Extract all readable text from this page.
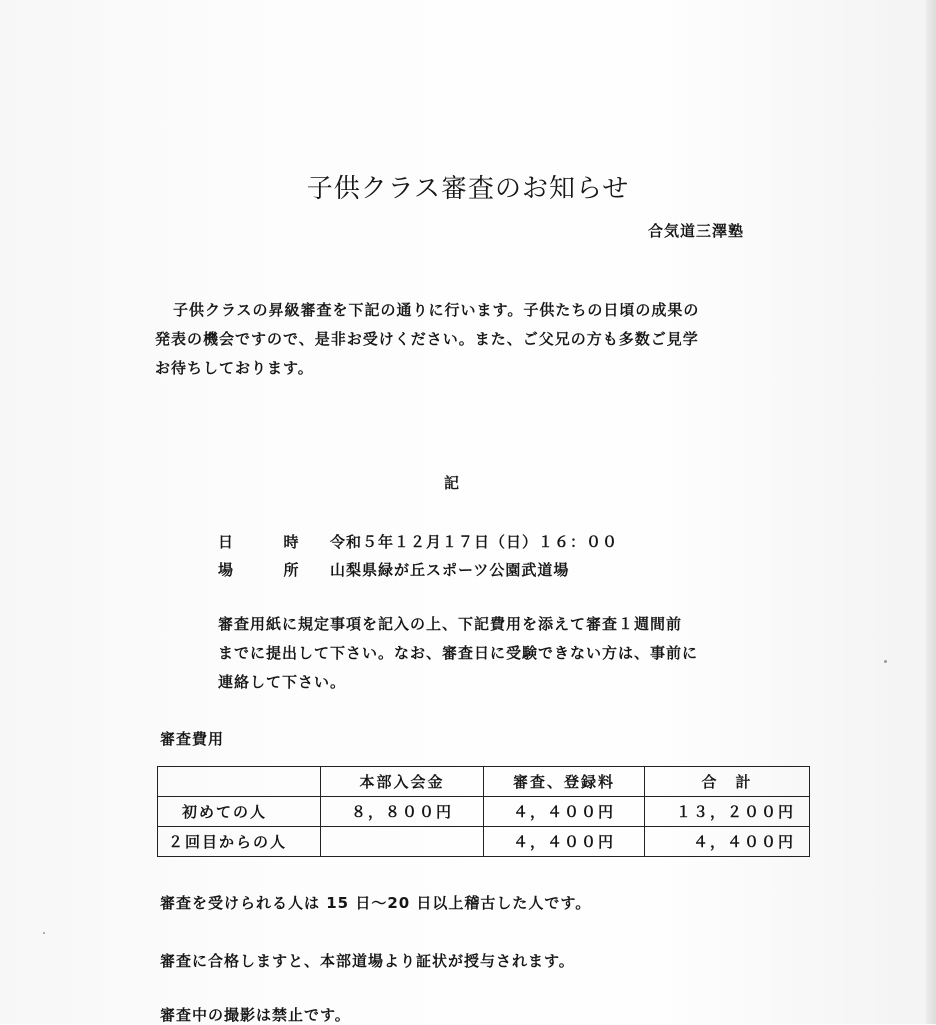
子供クラス審査のお知らせ
合気道三澤塾
子供クラスの昇級審査を下記の通りに行います。子供たちの日頃の成果の
発表の機会ですので、是非お受けください。また、ご父兄の方も多数ご見学
お待ちしております。
記
日	時	令和５年１２月１７日（日）１６：００
場	所	山梨県緑が丘スポーツ公園武道場
審査用紙に規定事項を記入の上、下記費用を添えて審査１週間前
までに提出して下さい。なお、審査日に受験できない方は、事前に
連絡して下さい。
審査費用
	本部入会金	審査、登録料	合　計
初めての人	８，８００円	４，４００円	１３，２００円
２回目からの人		４，４００円	４，４００円
審査を受けられる人は 15 日～20 日以上稽古した人です。
審査に合格しますと、本部道場より証状が授与されます。
審査中の撮影は禁止です。
